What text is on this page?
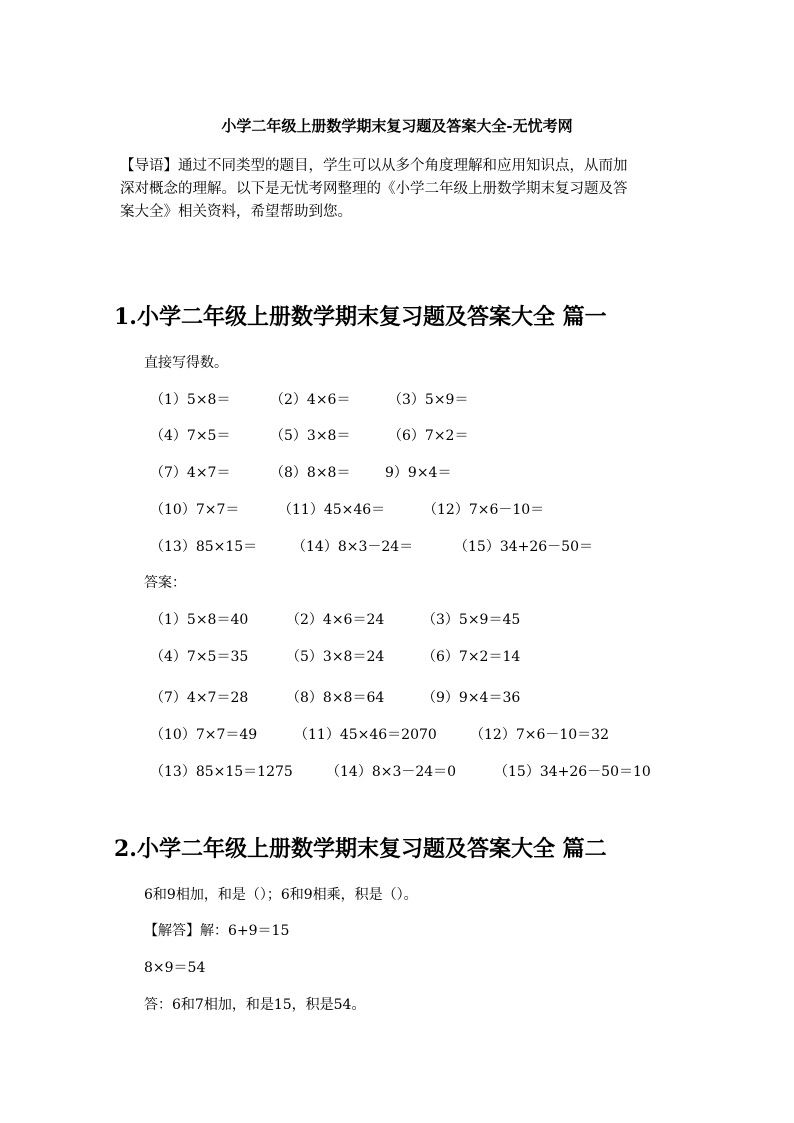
小学二年级上册数学期末复习题及答案大全-无忧考网
【导语】通过不同类型的题目，学生可以从多个角度理解和应用知识点，从而加
深对概念的理解。以下是无忧考网整理的《小学二年级上册数学期末复习题及答
案大全》相关资料，希望帮助到您。
1.小学二年级上册数学期末复习题及答案大全 篇一
直接写得数。
（1）5×8＝	（2）4×6＝	（3）5×9＝
（4）7×5＝	（5）3×8＝	（6）7×2＝
（7）4×7＝	（8）8×8＝ 9）9×4＝
（10）7×7＝	（11）45×46＝	（12）7×6－10＝
（13）85×15＝ （14）8×3－24＝	（15）34+26－50＝
答案：
（1）5×8＝40	（2）4×6＝24	（3）5×9＝45
（4）7×5＝35	（5）3×8＝24	（6）7×2＝14
（7）4×7＝28	（8）8×8＝64	（9）9×4＝36
（10）7×7＝49	（11）45×46＝2070 （12）7×6－10＝32
（13）85×15＝1275 （14）8×3－24＝0	（15）34+26－50＝10
2.小学二年级上册数学期末复习题及答案大全 篇二
6和9相加，和是（）；6和9相乘，积是（）。
【解答】解：6+9＝15
8×9＝54
答：6和7相加，和是15，积是54。
